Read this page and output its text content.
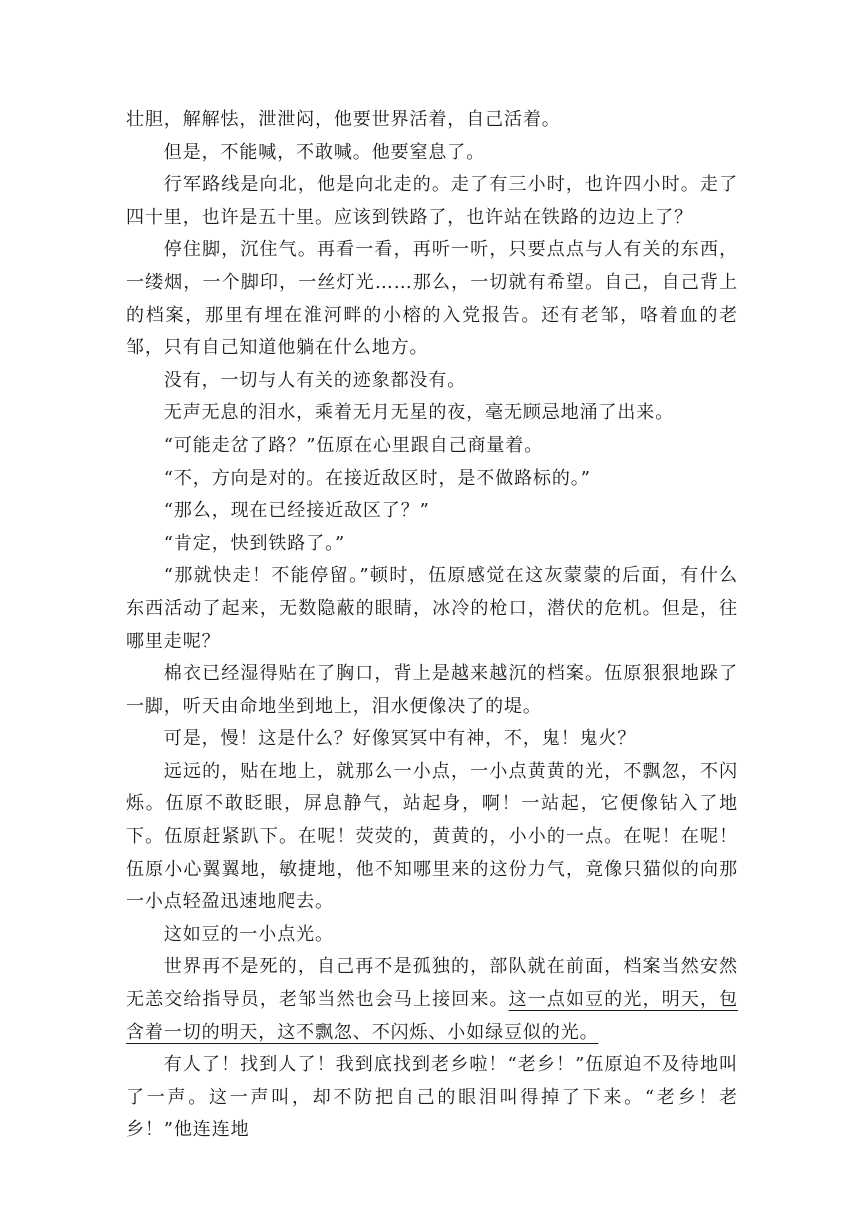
壮胆，解解怯，泄泄闷，他要世界活着，自己活着。

但是，不能喊，不敢喊。他要窒息了。

行军路线是向北，他是向北走的。走了有三小时，也许四小时。走了四十里，也许是五十里。应该到铁路了，也许站在铁路的边边上了？

停住脚，沉住气。再看一看，再听一听，只要点点与人有关的东西，一缕烟，一个脚印，一丝灯光……那么，一切就有希望。自己，自己背上的档案，那里有埋在淮河畔的小榕的入党报告。还有老邹，咯着血的老邹，只有自己知道他躺在什么地方。

没有，一切与人有关的迹象都没有。

无声无息的泪水，乘着无月无星的夜，毫无顾忌地涌了出来。

“可能走岔了路？”伍原在心里跟自己商量着。

“不，方向是对的。在接近敌区时，是不做路标的。”

“那么，现在已经接近敌区了？”

“肯定，快到铁路了。”

“那就快走！不能停留。”顿时，伍原感觉在这灰蒙蒙的后面，有什么东西活动了起来，无数隐蔽的眼睛，冰冷的枪口，潜伏的危机。但是，往哪里走呢？

棉衣已经湿得贴在了胸口，背上是越来越沉的档案。伍原狠狠地跺了一脚，听天由命地坐到地上，泪水便像决了的堤。

可是，慢！这是什么？好像冥冥中有神，不，鬼！鬼火？

远远的，贴在地上，就那么一小点，一小点黄黄的光，不飘忽，不闪烁。伍原不敢眨眼，屏息静气，站起身，啊！一站起，它便像钻入了地下。伍原赶紧趴下。在呢！荧荧的，黄黄的，小小的一点。在呢！在呢！伍原小心翼翼地，敏捷地，他不知哪里来的这份力气，竟像只猫似的向那一小点轻盈迅速地爬去。

这如豆的一小点光。

世界再不是死的，自己再不是孤独的，部队就在前面，档案当然安然无恙交给指导员，老邹当然也会马上接回来。这一点如豆的光，明天，包含着一切的明天，这不飘忽、不闪烁、小如绿豆似的光。

有人了！找到人了！我到底找到老乡啦！“老乡！”伍原迫不及待地叫了一声。这一声叫，却不防把自己的眼泪叫得掉了下来。“老乡！老乡！”他连连地
